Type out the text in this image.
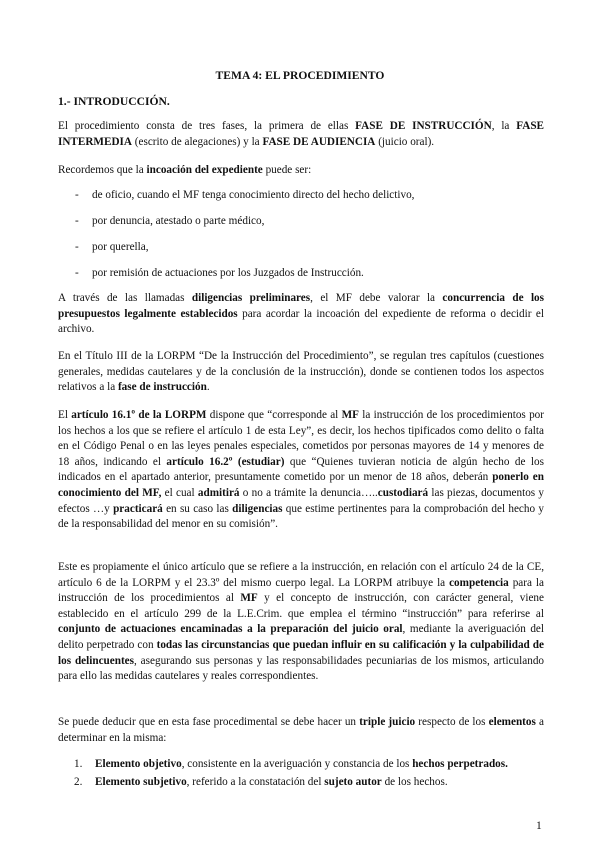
TEMA 4: EL PROCEDIMIENTO
1.- INTRODUCCIÓN.

El procedimiento consta de tres fases, la primera de ellas FASE DE INSTRUCCIÓN, la FASE INTERMEDIA (escrito de alegaciones) y la FASE DE AUDIENCIA (juicio oral).

Recordemos que la incoación del expediente puede ser:

- de oficio, cuando el MF tenga conocimiento directo del hecho delictivo,
- por denuncia, atestado o parte médico,
- por querella,
- por remisión de actuaciones por los Juzgados de Instrucción.

A través de las llamadas diligencias preliminares, el MF debe valorar la concurrencia de los presupuestos legalmente establecidos para acordar la incoación del expediente de reforma o decidir el archivo.

En el Título III de la LORPM “De la Instrucción del Procedimiento”, se regulan tres capítulos (cuestiones generales, medidas cautelares y de la conclusión de la instrucción), donde se contienen todos los aspectos relativos a la fase de instrucción.

El artículo 16.1º de la LORPM dispone que “corresponde al MF la instrucción de los procedimientos por los hechos a los que se refiere el artículo 1 de esta Ley”, es decir, los hechos tipificados como delito o falta en el Código Penal o en las leyes penales especiales, cometidos por personas mayores de 14 y menores de 18 años, indicando el artículo 16.2º (estudiar) que “Quienes tuvieran noticia de algún hecho de los indicados en el apartado anterior, presuntamente cometido por un menor de 18 años, deberán ponerlo en conocimiento del MF, el cual admitirá o no a trámite la denuncia…..custodiará las piezas, documentos y efectos …y practicará en su caso las diligencias que estime pertinentes para la comprobación del hecho y de la responsabilidad del menor en su comisión”.

Este es propiamente el único artículo que se refiere a la instrucción, en relación con el artículo 24 de la CE, artículo 6 de la LORPM y el 23.3º del mismo cuerpo legal. La LORPM atribuye la competencia para la instrucción de los procedimientos al MF y el concepto de instrucción, con carácter general, viene establecido en el artículo 299 de la L.E.Crim. que emplea el término “instrucción” para referirse al conjunto de actuaciones encaminadas a la preparación del juicio oral, mediante la averiguación del delito perpetrado con todas las circunstancias que puedan influir en su calificación y la culpabilidad de los delincuentes, asegurando sus personas y las responsabilidades pecuniarias de los mismos, articulando para ello las medidas cautelares y reales correspondientes.

Se puede deducir que en esta fase procedimental se debe hacer un triple juicio respecto de los elementos a determinar en la misma:

1. Elemento objetivo, consistente en la averiguación y constancia de los hechos perpetrados.
2. Elemento subjetivo, referido a la constatación del sujeto autor de los hechos.
1
